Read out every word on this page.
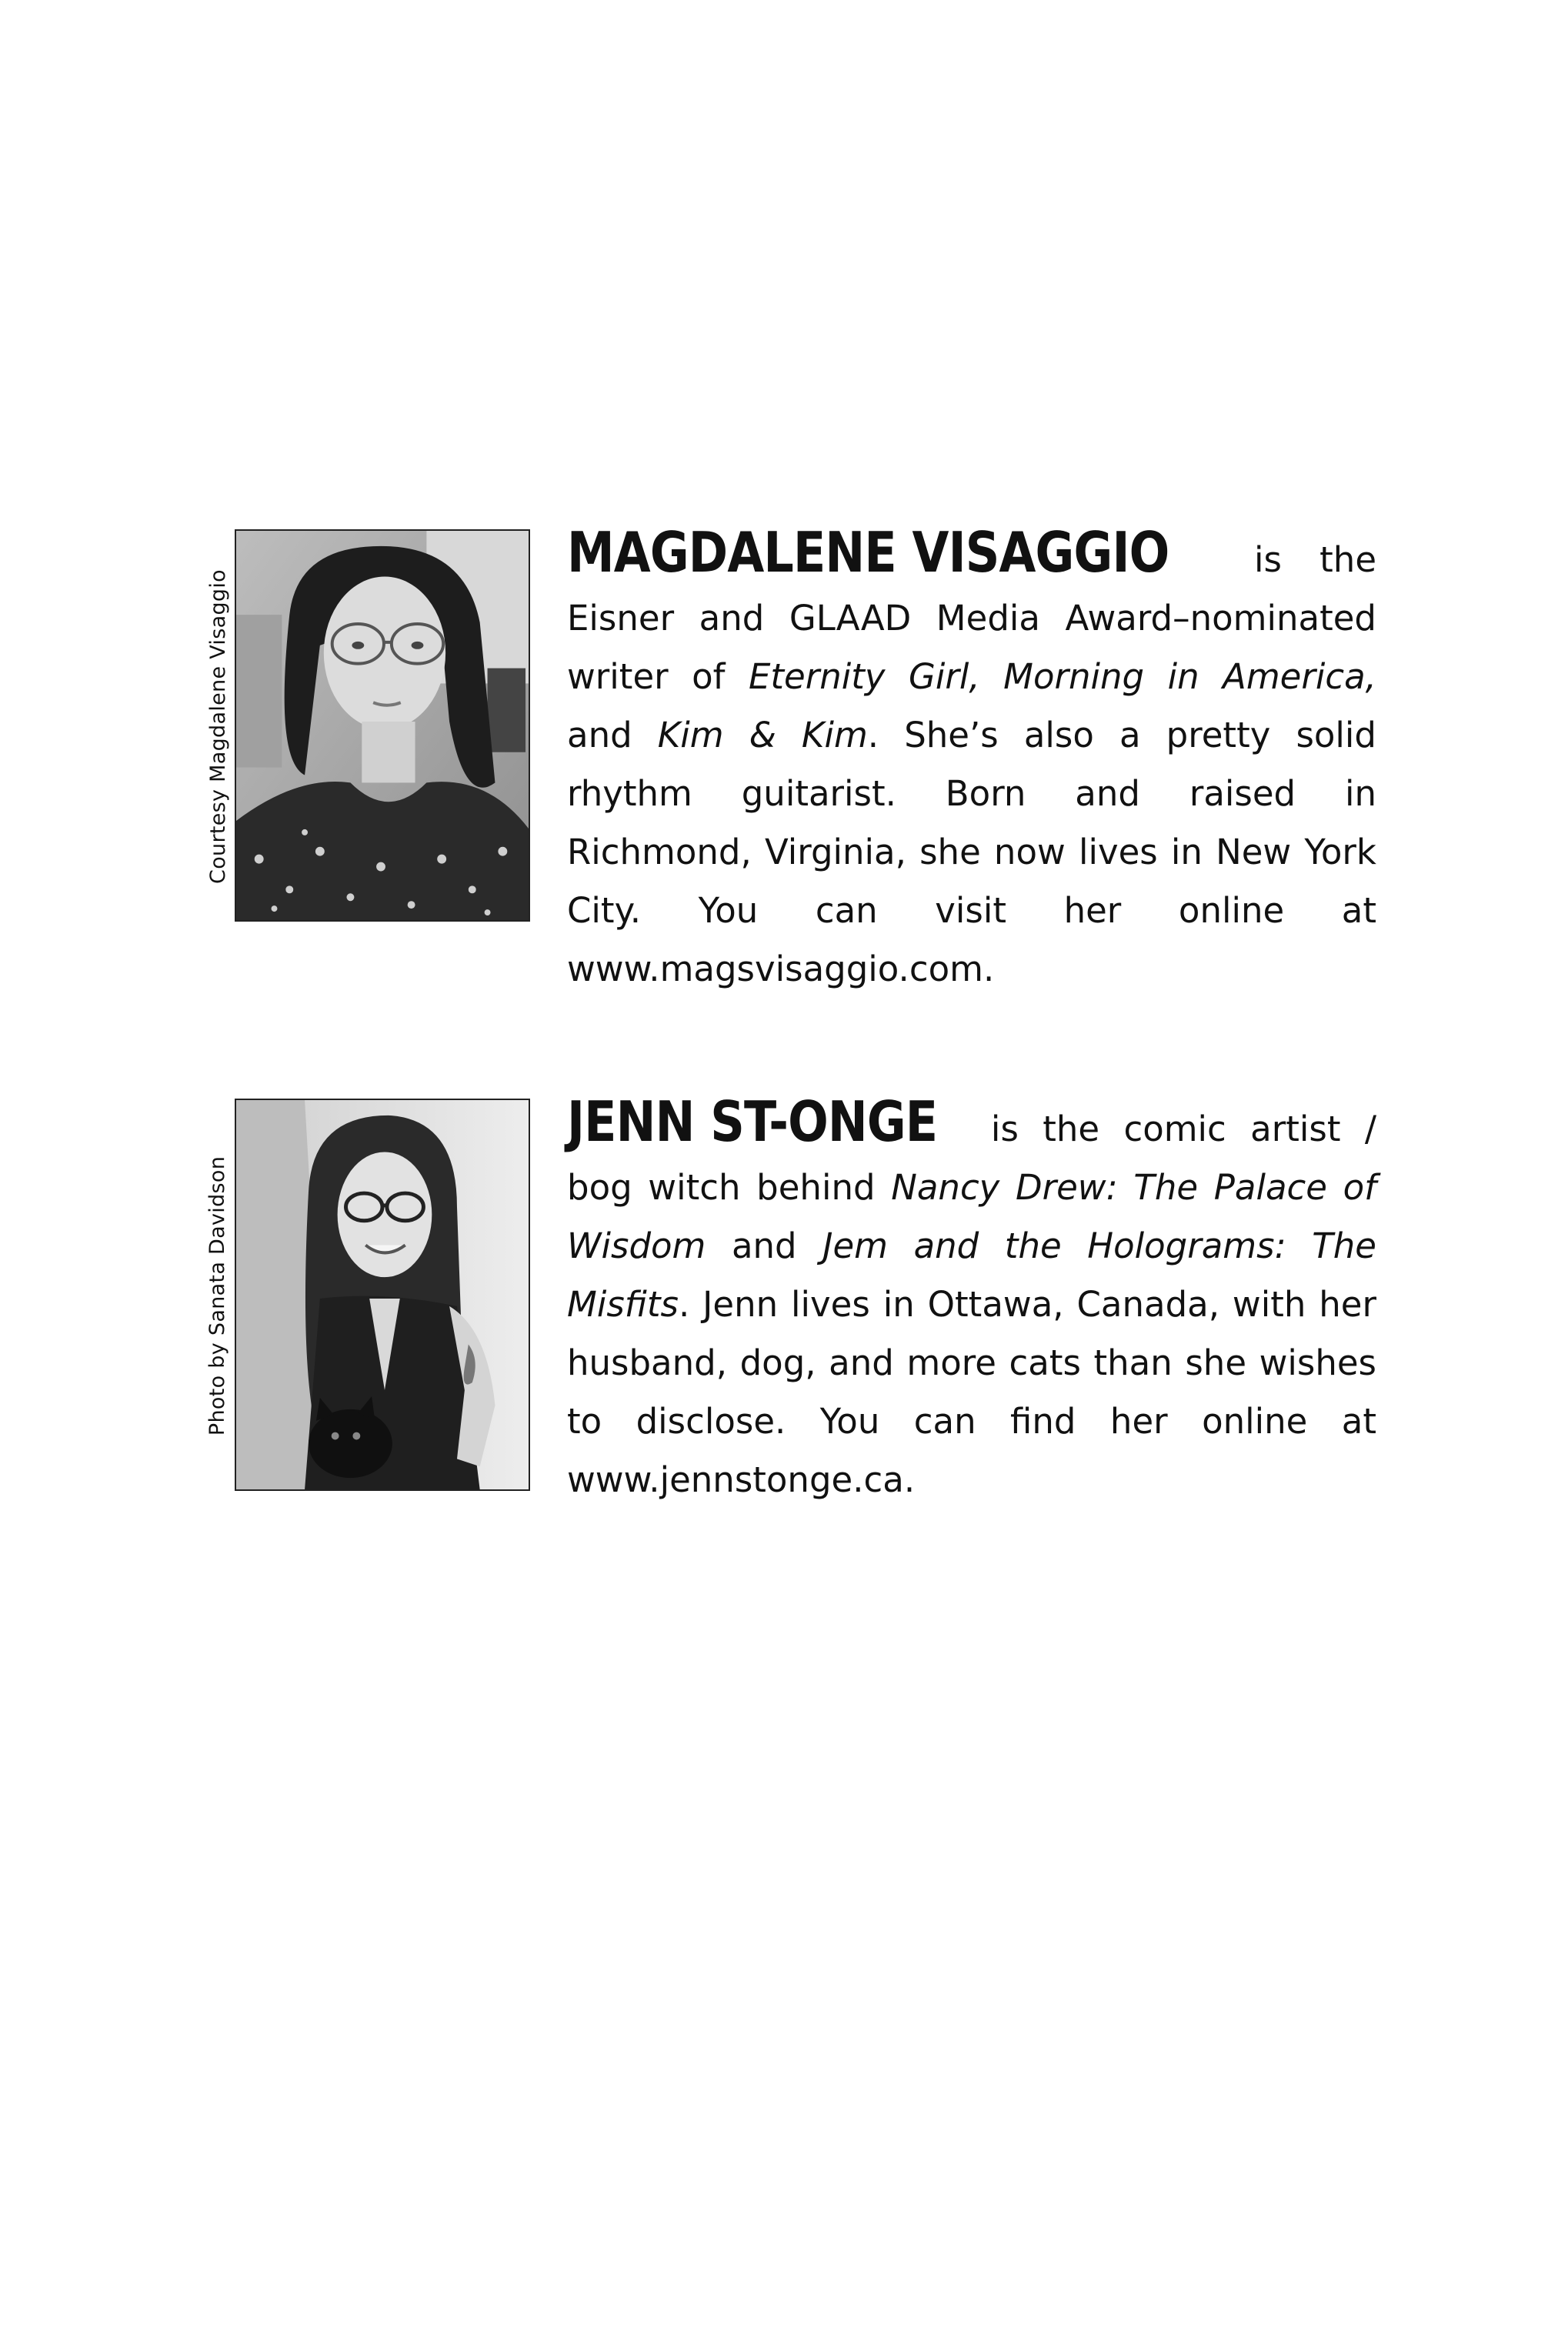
Courtesy Magdalene Visaggio

MAGDALENE VISAGGIO is the Eisner and GLAAD Media Award–nominated writer of Eternity Girl, Morning in America, and Kim & Kim. She’s also a pretty solid rhythm guitarist. Born and raised in Richmond, Virginia, she now lives in New York City. You can visit her online at www.magsvisaggio.com.

Photo by Sanata Davidson

JENN ST-ONGE is the comic artist / bog witch behind Nancy Drew: The Palace of Wisdom and Jem and the Holograms: The Misfits. Jenn lives in Ottawa, Canada, with her husband, dog, and more cats than she wishes to disclose. You can find her online at www.jennstonge.ca.
